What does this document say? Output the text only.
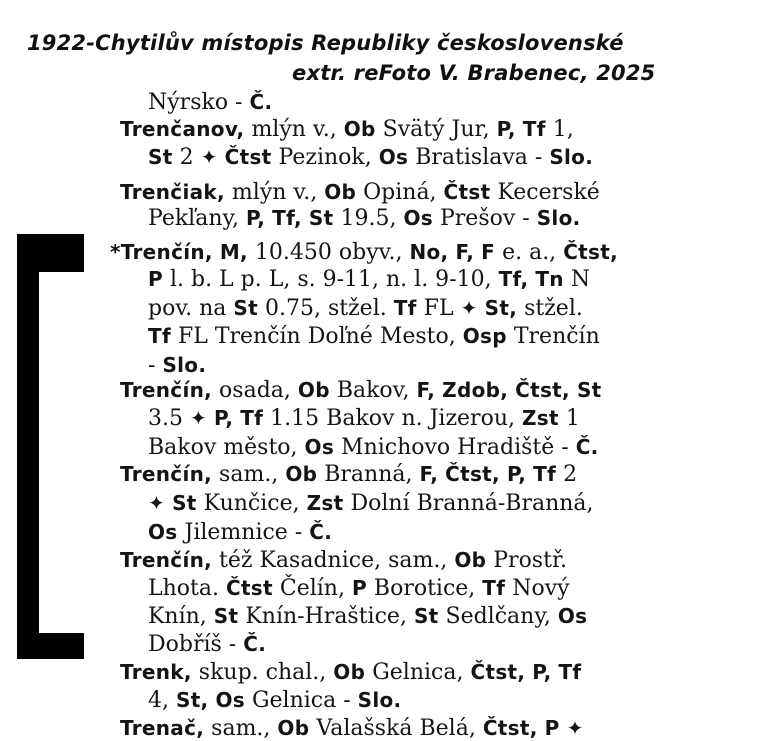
1922-Chytilův místopis Republiky československé
extr. reFoto V. Brabenec, 2025
Nýrsko - Č.
Trenčanov, mlýn v., Ob Svätý Jur, P, Tf 1,
St 2 ✦ Čtst Pezinok, Os Bratislava - Slo.
Trenčiak, mlýn v., Ob Opiná, Čtst Kecerské
Pekľany, P, Tf, St 19.5, Os Prešov - Slo.
*Trenčín, M, 10.450 obyv., No, F, F e. a., Čtst,
P l. b. L p. L, s. 9-11, n. l. 9-10, Tf, Tn N
pov. na St 0.75, stžel. Tf FL ✦ St, stžel.
Tf FL Trenčín Doľné Mesto, Osp Trenčín
- Slo.
Trenčín, osada, Ob Bakov, F, Zdob, Čtst, St
3.5 ✦ P, Tf 1.15 Bakov n. Jizerou, Zst 1
Bakov město, Os Mnichovo Hradiště - Č.
Trenčín, sam., Ob Branná, F, Čtst, P, Tf 2
✦ St Kunčice, Zst Dolní Branná-Branná,
Os Jilemnice - Č.
Trenčín, též Kasadnice, sam., Ob Prostř.
Lhota. Čtst Čelín, P Borotice, Tf Nový
Knín, St Knín-Hraštice, St Sedlčany, Os
Dobříš - Č.
Trenk, skup. chal., Ob Gelnica, Čtst, P, Tf
4, St, Os Gelnica - Slo.
Trenač, sam., Ob Valašská Belá, Čtst, P ✦
